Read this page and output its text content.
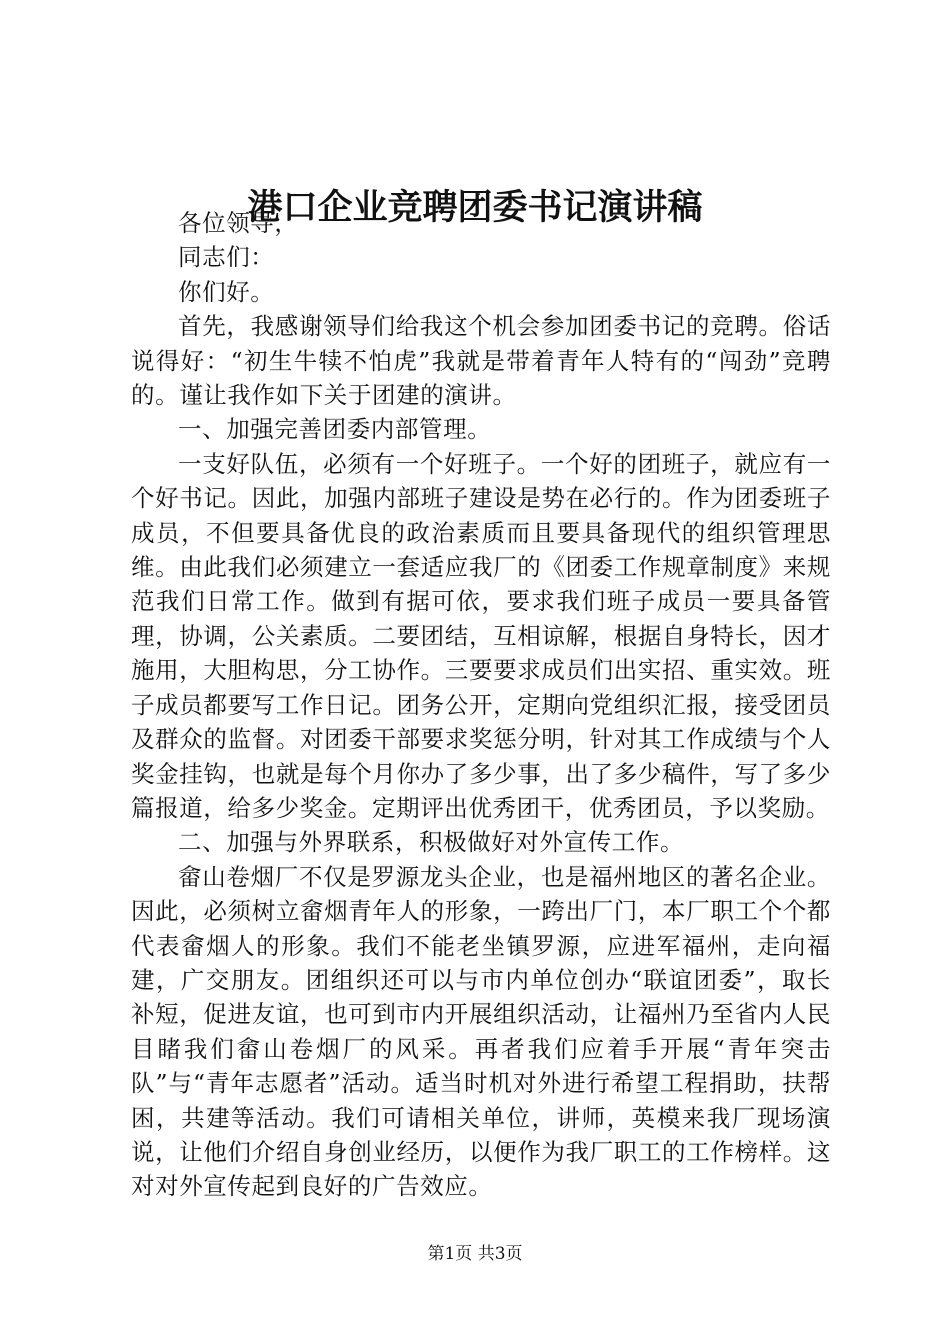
港口企业竞聘团委书记演讲稿

各位领导，

同志们：

你们好。

首先，我感谢领导们给我这个机会参加团委书记的竞聘。俗话说得好：“初生牛犊不怕虎”我就是带着青年人特有的“闯劲”竞聘的。谨让我作如下关于团建的演讲。

一、加强完善团委内部管理。

一支好队伍，必须有一个好班子。一个好的团班子，就应有一个好书记。因此，加强内部班子建设是势在必行的。作为团委班子成员，不但要具备优良的政治素质而且要具备现代的组织管理思维。由此我们必须建立一套适应我厂的《团委工作规章制度》来规范我们日常工作。做到有据可依，要求我们班子成员一要具备管理，协调，公关素质。二要团结，互相谅解，根据自身特长，因才施用，大胆构思，分工协作。三要要求成员们出实招、重实效。班子成员都要写工作日记。团务公开，定期向党组织汇报，接受团员及群众的监督。对团委干部要求奖惩分明，针对其工作成绩与个人奖金挂钩，也就是每个月你办了多少事，出了多少稿件，写了多少篇报道，给多少奖金。定期评出优秀团干，优秀团员，予以奖励。

二、加强与外界联系，积极做好对外宣传工作。

畲山卷烟厂不仅是罗源龙头企业，也是福州地区的著名企业。因此，必须树立畲烟青年人的形象，一跨出厂门，本厂职工个个都代表畲烟人的形象。我们不能老坐镇罗源，应进军福州，走向福建，广交朋友。团组织还可以与市内单位创办“联谊团委”，取长补短，促进友谊，也可到市内开展组织活动，让福州乃至省内人民目睹我们畲山卷烟厂的风采。再者我们应着手开展“青年突击队”与“青年志愿者”活动。适当时机对外进行希望工程捐助，扶帮困，共建等活动。我们可请相关单位，讲师，英模来我厂现场演说，让他们介绍自身创业经历，以便作为我厂职工的工作榜样。这对对外宣传起到良好的广告效应。

第1页 共3页
